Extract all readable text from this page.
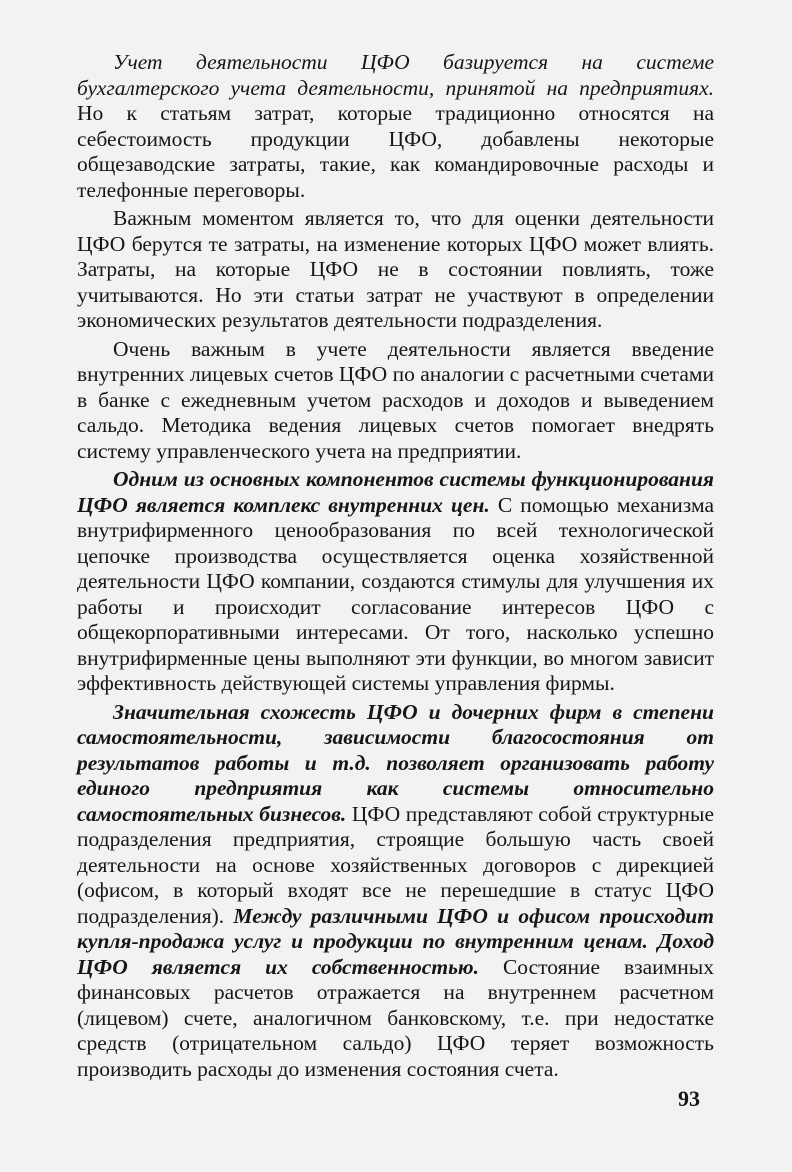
Учет деятельности ЦФО базируется на системе бухгалтерского учета деятельности, принятой на предприятиях. Но к статьям затрат, которые традиционно относятся на себестоимость продукции ЦФО, добавлены некоторые общезаводские затраты, такие, как командировочные расходы и телефонные переговоры.

Важным моментом является то, что для оценки деятельности ЦФО берутся те затраты, на изменение которых ЦФО может влиять. Затраты, на которые ЦФО не в состоянии повлиять, тоже учитываются. Но эти статьи затрат не участвуют в определении экономических результатов деятельности подразделения.

Очень важным в учете деятельности является введение внутренних лицевых счетов ЦФО по аналогии с расчетными счетами в банке с ежедневным учетом расходов и доходов и выведением сальдо. Методика ведения лицевых счетов помогает внедрять систему управленческого учета на предприятии.

Одним из основных компонентов системы функционирования ЦФО является комплекс внутренних цен. С помощью механизма внутрифирменного ценообразования по всей технологической цепочке производства осуществляется оценка хозяйственной деятельности ЦФО компании, создаются стимулы для улучшения их работы и происходит согласование интересов ЦФО с общекорпоративными интересами. От того, насколько успешно внутрифирменные цены выполняют эти функции, во многом зависит эффективность действующей системы управления фирмы.

Значительная схожесть ЦФО и дочерних фирм в степени самостоятельности, зависимости благосостояния от результатов работы и т.д. позволяет организовать работу единого предприятия как системы относительно самостоятельных бизнесов. ЦФО представляют собой структурные подразделения предприятия, строящие большую часть своей деятельности на основе хозяйственных договоров с дирекцией (офисом, в который входят все не перешедшие в статус ЦФО подразделения). Между различными ЦФО и офисом происходит купля-продажа услуг и продукции по внутренним ценам. Доход ЦФО является их собственностью. Состояние взаимных финансовых расчетов отражается на внутреннем расчетном (лицевом) счете, аналогичном банковскому, т.е. при недостатке средств (отрицательном сальдо) ЦФО теряет возможность производить расходы до изменения состояния счета.

93
